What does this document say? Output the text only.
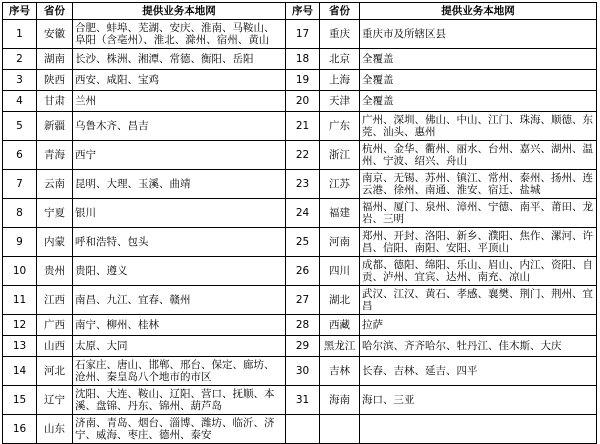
序号	省份	提供业务本地网	序号	省份	提供业务本地网
1	安徽	合肥、蚌埠、芜湖、安庆、淮南、马鞍山、阜阳（含亳州）、淮北、滁州、宿州、黄山	17	重庆	重庆市及所辖区县
2	湖南	长沙、株洲、湘潭、常德、衡阳、岳阳	18	北京	全覆盖
3	陕西	西安、咸阳、宝鸡	19	上海	全覆盖
4	甘肃	兰州	20	天津	全覆盖
5	新疆	乌鲁木齐、昌吉	21	广东	广州、深圳、佛山、中山、江门、珠海、顺德、东莞、汕头、惠州
6	青海	西宁	22	浙江	杭州、金华、衢州、丽水、台州、嘉兴、湖州、温州、宁波、绍兴、舟山
7	云南	昆明、大理、玉溪、曲靖	23	江苏	南京、无锡、苏州、镇江、常州、泰州、扬州、连云港、徐州、南通、淮安、宿迁、盐城
8	宁夏	银川	24	福建	福州、厦门、泉州、漳州、宁德、南平、莆田、龙岩、三明
9	内蒙	呼和浩特、包头	25	河南	郑州、开封、洛阳、新乡、濮阳、焦作、漯河、许昌、信阳、南阳、安阳、平顶山
10	贵州	贵阳、遵义	26	四川	成都、德阳、绵阳、乐山、眉山、内江、资阳、自贡、泸州、宜宾、达州、南充、凉山
11	江西	南昌、九江、宜春、赣州	27	湖北	武汉、江汉、黄石、孝感、襄樊、荆门、荆州、宜昌
12	广西	南宁、柳州、桂林	28	西藏	拉萨
13	山西	太原、大同	29	黑龙江	哈尔滨、齐齐哈尔、牡丹江、佳木斯、大庆
14	河北	石家庄、唐山、邯郸、邢台、保定、廊坊、沧州、秦皇岛八个地市的市区	30	吉林	长春、吉林、延吉、四平
15	辽宁	沈阳、大连、鞍山、辽阳、营口、抚顺、本溪、盘锦、丹东、锦州、葫芦岛	31	海南	海口、三亚
16	山东	济南、青岛、烟台、淄博、潍坊、临沂、济宁、威海、枣庄、德州、泰安			
